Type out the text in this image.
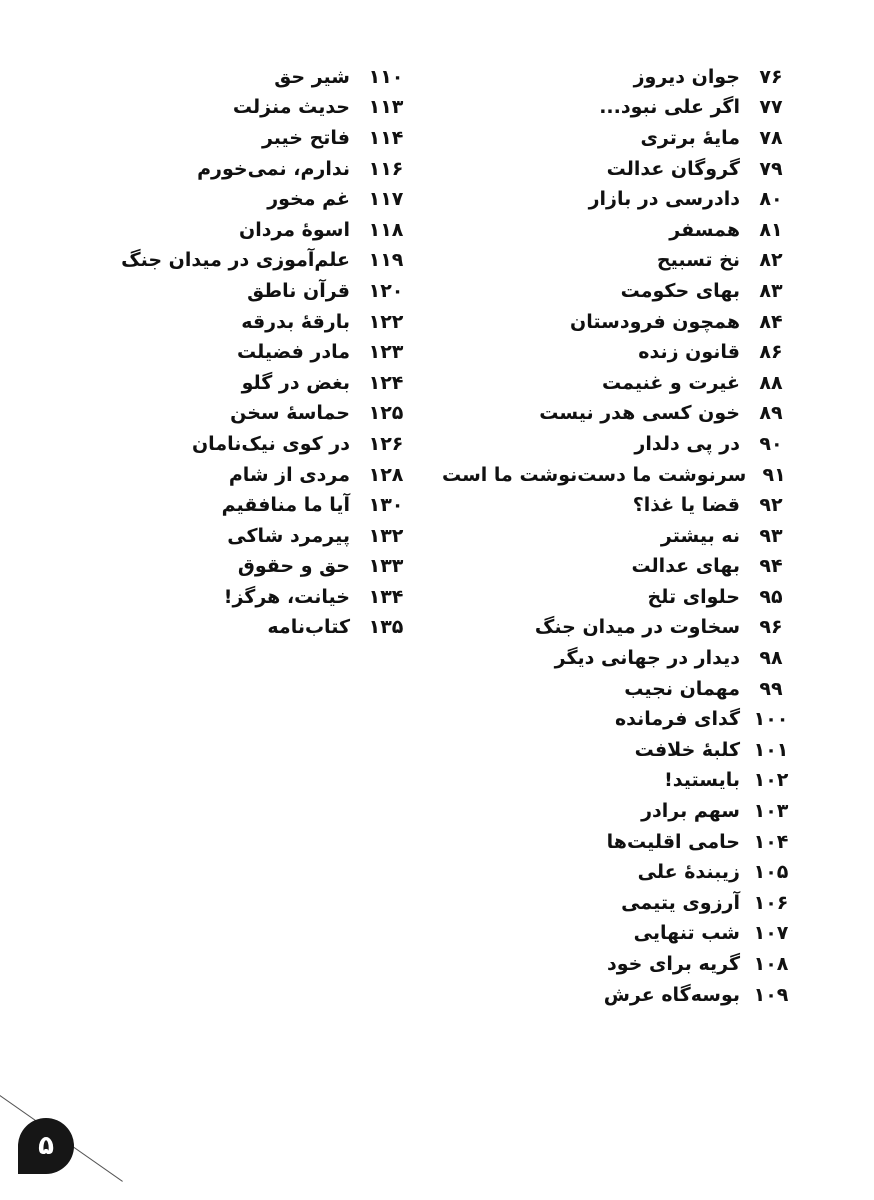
۷۶
جوان دیروز
۷۷
اگر علی نبود...
۷۸
مایهٔ برتری
۷۹
گروگان عدالت
۸۰
دادرسی در بازار
۸۱
همسفر
۸۲
نخ تسبیح
۸۳
بهای حکومت
۸۴
همچون فرودستان
۸۶
قانون زنده
۸۸
غیرت و غنیمت
۸۹
خون کسی هدر نیست
۹۰
در پی دلدار
۹۱
سرنوشت ما دست‌نوشت ما است
۹۲
قضا یا غذا؟
۹۳
نه بیشتر
۹۴
بهای عدالت
۹۵
حلوای تلخ
۹۶
سخاوت در میدان جنگ
۹۸
دیدار در جهانی دیگر
۹۹
مهمان نجیب
۱۰۰
گدای فرمانده
۱۰۱
کلبهٔ خلافت
۱۰۲
بایستید!
۱۰۳
سهم برادر
۱۰۴
حامی اقلیت‌ها
۱۰۵
زیبندهٔ علی
۱۰۶
آرزوی یتیمی
۱۰۷
شب تنهایی
۱۰۸
گریه برای خود
۱۰۹
بوسه‌گاه عرش
۱۱۰
شیر حق
۱۱۳
حدیث منزلت
۱۱۴
فاتح خیبر
۱۱۶
ندارم، نمی‌خورم
۱۱۷
غم مخور
۱۱۸
اسوهٔ مردان
۱۱۹
علم‌آموزی در میدان جنگ
۱۲۰
قرآن ناطق
۱۲۲
بارقهٔ بدرقه
۱۲۳
مادر فضیلت
۱۲۴
بغض در گلو
۱۲۵
حماسهٔ سخن
۱۲۶
در کوی نیک‌نامان
۱۲۸
مردی از شام
۱۳۰
آیا ما منافقیم
۱۳۲
پیرمرد شاکی
۱۳۳
حق و حقوق
۱۳۴
خیانت، هرگز!
۱۳۵
کتاب‌نامه
۵
